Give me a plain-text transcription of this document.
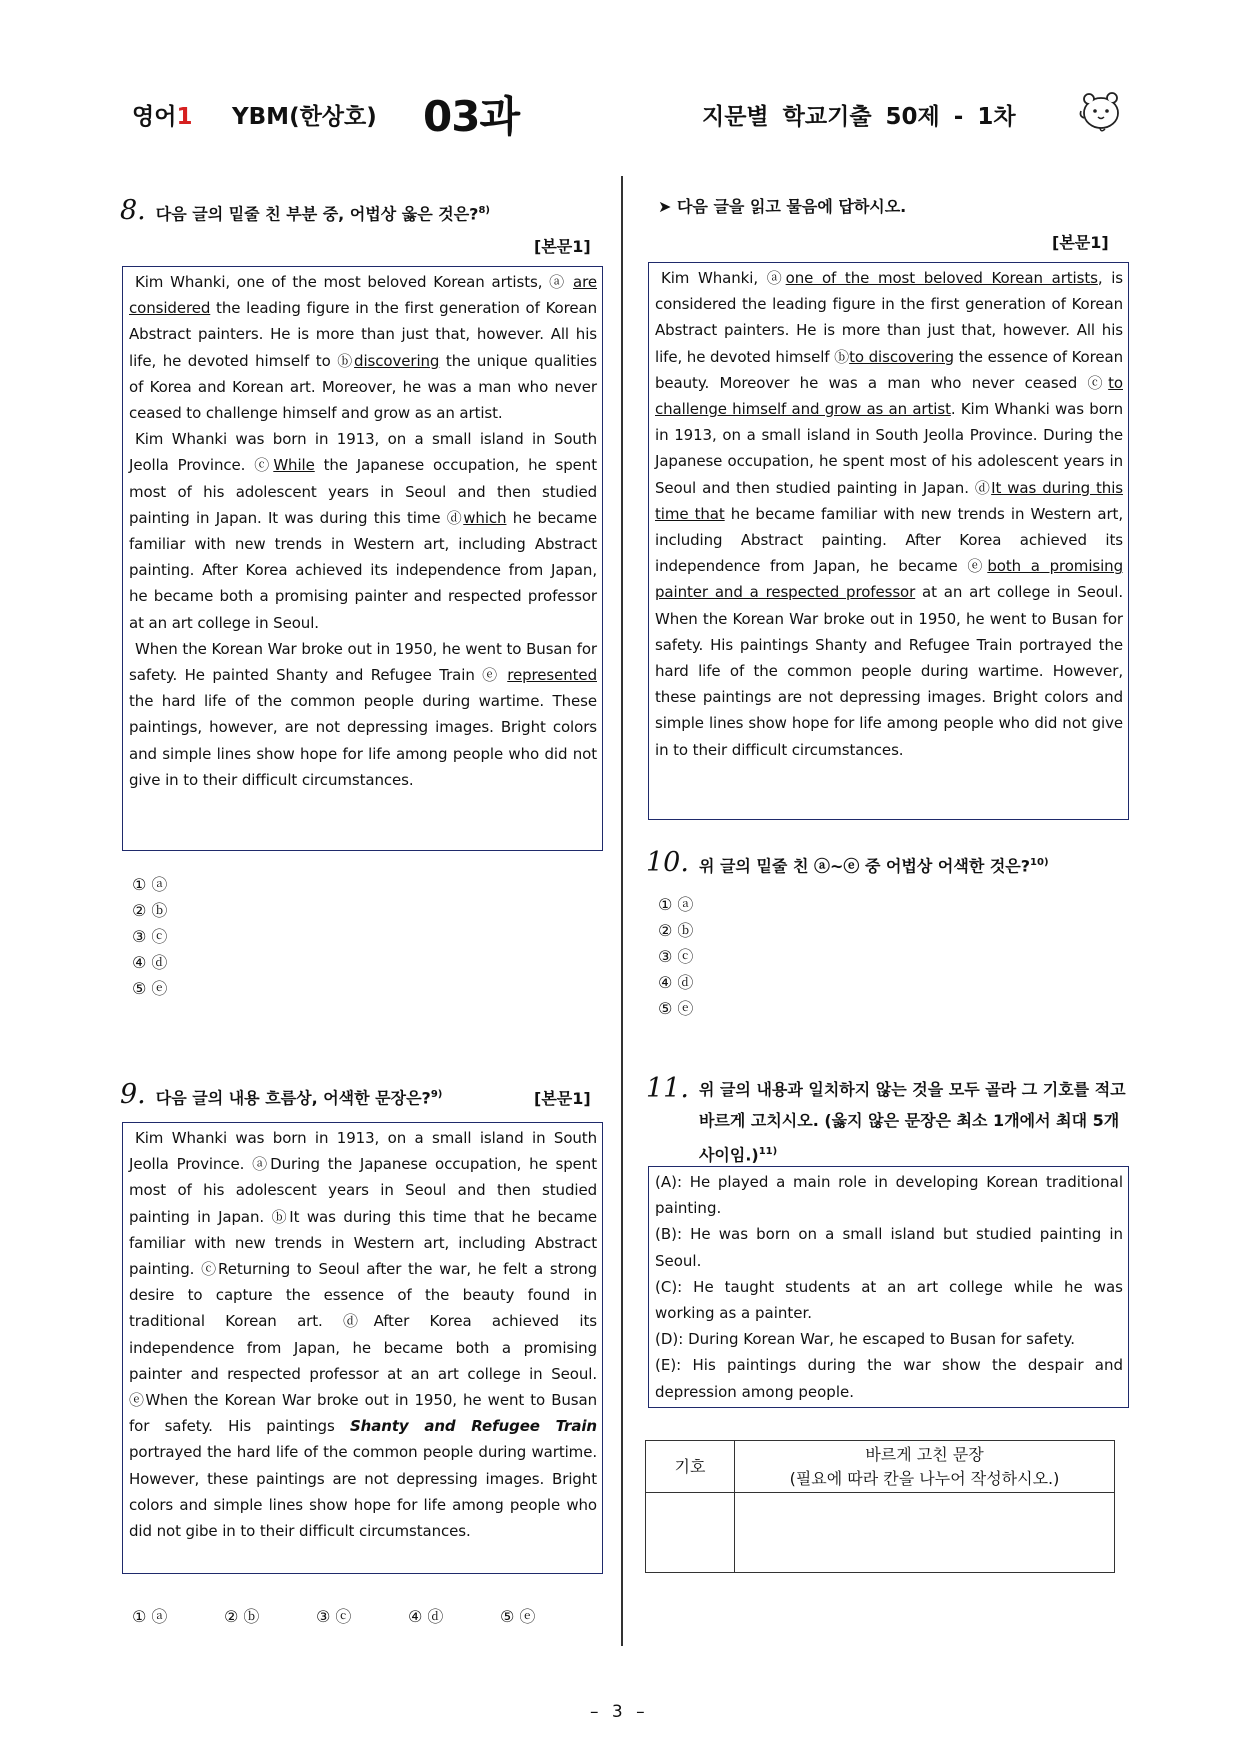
영어1 YBM(한상호) 03과	지문별 학교기출 50제 - 1차
8. 다음 글의 밑줄 친 부분 중, 어법상 옳은 것은?$^{8)}$
[본문1]

Kim Whanki, one of the most beloved Korean artists, ⓐ are considered the leading figure in the first generation of Korean Abstract painters. He is more than just that, however. All his life, he devoted himself to ⓑdiscovering the unique qualities of Korea and Korean art. Moreover, he was a man who never ceased to challenge himself and grow as an artist.

Kim Whanki was born in 1913, on a small island in South Jeolla Province. ⓒWhile the Japanese occupation, he spent most of his adolescent years in Seoul and then studied painting in Japan. It was during this time ⓓwhich he became familiar with new trends in Western art, including Abstract painting. After Korea achieved its independence from Japan, he became both a promising painter and respected professor at an art college in Seoul.

When the Korean War broke out in 1950, he went to Busan for safety. He painted Shanty and Refugee Train ⓔ represented the hard life of the common people during wartime. These paintings, however, are not depressing images. Bright colors and simple lines show hope for life among people who did not give in to their difficult circumstances.

① ⓐ
② ⓑ
③ ⓒ
④ ⓓ
⑤ ⓔ
9. 다음 글의 내용 흐름상, 어색한 문장은?$^{9)}$	[본문1]

Kim Whanki was born in 1913, on a small island in South Jeolla Province. ⓐDuring the Japanese occupation, he spent most of his adolescent years in Seoul and then studied painting in Japan. ⓑIt was during this time that he became familiar with new trends in Western art, including Abstract painting. ⓒReturning to Seoul after the war, he felt a strong desire to capture the essence of the beauty found in traditional Korean art. ⓓAfter Korea achieved its independence from Japan, he became both a promising painter and respected professor at an art college in Seoul. ⓔWhen the Korean War broke out in 1950, he went to Busan for safety. His paintings Shanty and Refugee Train portrayed the hard life of the common people during wartime. However, these paintings are not depressing images. Bright colors and simple lines show hope for life among people who did not gibe in to their difficult circumstances.

① ⓐ	② ⓑ	③ ⓒ	④ ⓓ	⑤ ⓔ
➤ 다음 글을 읽고 물음에 답하시오.
[본문1]

Kim Whanki, ⓐone of the most beloved Korean artists, is considered the leading figure in the first generation of Korean Abstract painters. He is more than just that, however. All his life, he devoted himself ⓑto discovering the essence of Korean beauty. Moreover he was a man who never ceased ⓒto challenge himself and grow as an artist. Kim Whanki was born in 1913, on a small island in South Jeolla Province. During the Japanese occupation, he spent most of his adolescent years in Seoul and then studied painting in Japan. ⓓIt was during this time that he became familiar with new trends in Western art, including Abstract painting. After Korea achieved its independence from Japan, he became ⓔboth a promising painter and a respected professor at an art college in Seoul. When the Korean War broke out in 1950, he went to Busan for safety. His paintings Shanty and Refugee Train portrayed the hard life of the common people during wartime. However, these paintings are not depressing images. Bright colors and simple lines show hope for life among people who did not give in to their difficult circumstances.

10. 위 글의 밑줄 친 ⓐ~ⓔ 중 어법상 어색한 것은?$^{10)}$
① ⓐ
② ⓑ
③ ⓒ
④ ⓓ
⑤ ⓔ
11. 위 글의 내용과 일치하지 않는 것을 모두 골라 그 기호를 적고 바르게 고치시오. (옳지 않은 문장은 최소 1개에서 최대 5개 사이임.)$^{11)}$

(A): He played a main role in developing Korean traditional painting.

(B): He was born on a small island but studied painting in Seoul.

(C): He taught students at an art college while he was working as a painter.

(D): During Korean War, he escaped to Busan for safety.

(E): His paintings during the war show the despair and depression among people.

기호	바르게 고친 문장
(필요에 따라 칸을 나누어 작성하시오.)

– 3 –
